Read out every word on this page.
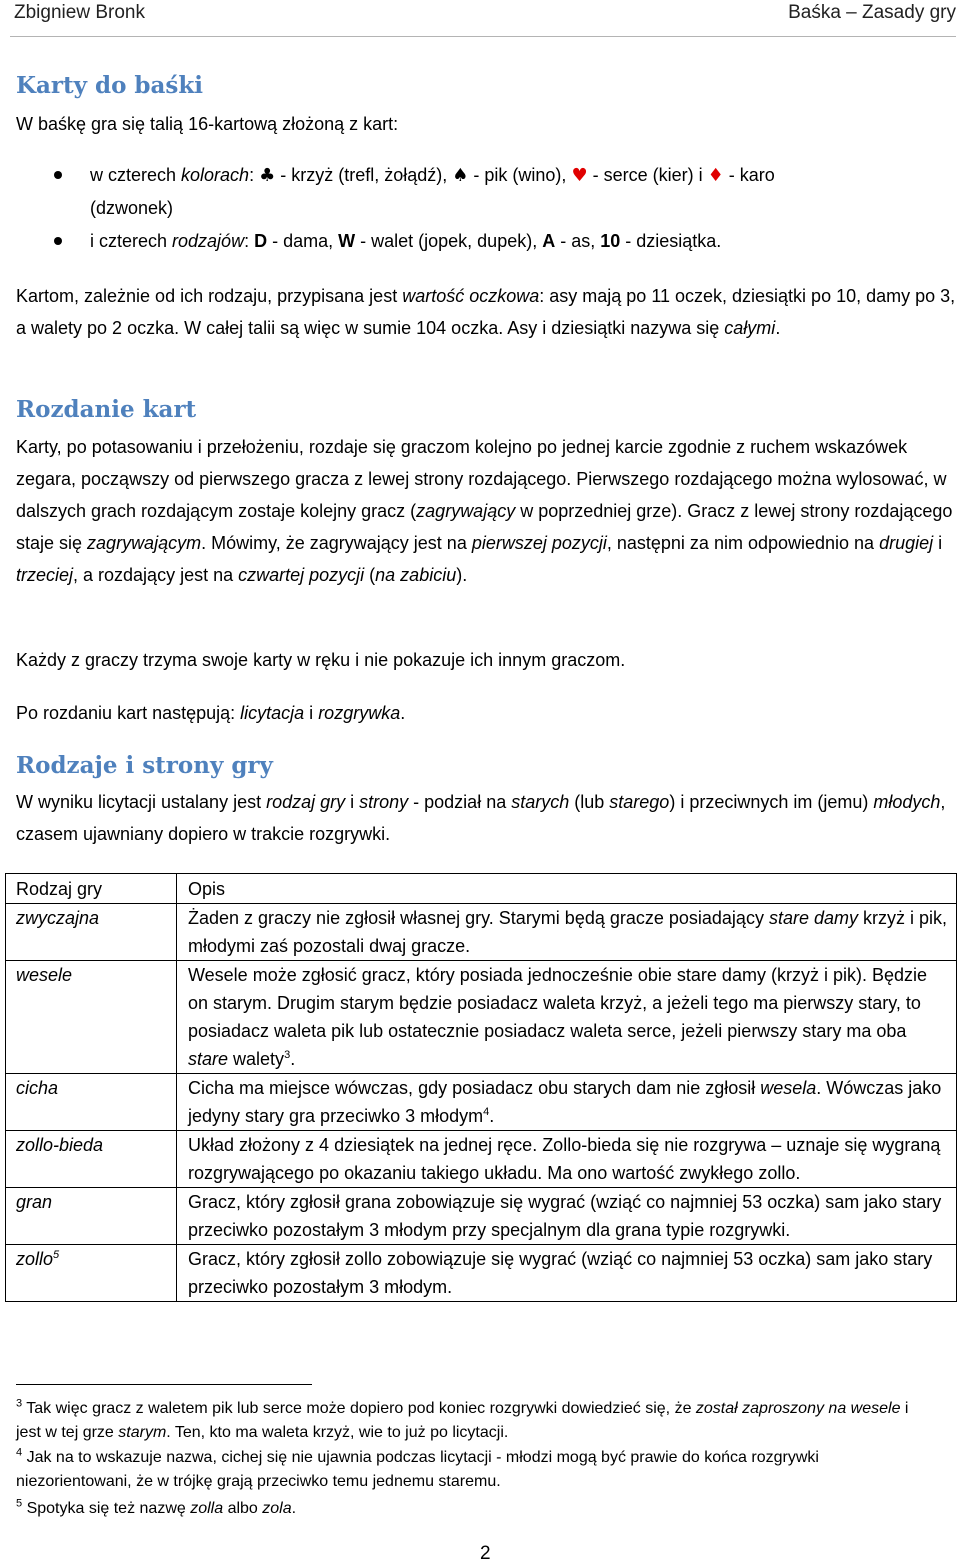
Zbigniew Bronk	Baśka – Zasady gry
Karty do baśki

W baśkę gra się talią 16-kartową złożoną z kart:

w czterech kolorach: ♣ - krzyż (trefl, żołądź), ♠ - pik (wino), ♥ - serce (kier) i ♦ - karo
(dzwonek)

i czterech rodzajów: D - dama, W - walet (jopek, dupek), A - as, 10 - dziesiątka.

Kartom, zależnie od ich rodzaju, przypisana jest wartość oczkowa: asy mają po 11 oczek, dziesiątki po 10, damy po 3, a walety po 2 oczka. W całej talii są więc w sumie 104 oczka. Asy i dziesiątki nazywa się całymi.

Rozdanie kart

Karty, po potasowaniu i przełożeniu, rozdaje się graczom kolejno po jednej karcie zgodnie z ruchem wskazówek zegara, począwszy od pierwszego gracza z lewej strony rozdającego. Pierwszego rozdającego można wylosować, w dalszych grach rozdającym zostaje kolejny gracz (zagrywający w poprzedniej grze). Gracz z lewej strony rozdającego staje się zagrywającym. Mówimy, że zagrywający jest na pierwszej pozycji, następni za nim odpowiednio na drugiej i trzeciej, a rozdający jest na czwartej pozycji (na zabiciu).

Każdy z graczy trzyma swoje karty w ręku i nie pokazuje ich innym graczom.

Po rozdaniu kart następują: licytacja i rozgrywka.

Rodzaje i strony gry

W wyniku licytacji ustalany jest rodzaj gry i strony - podział na starych (lub starego) i przeciwnych im (jemu) młodych, czasem ujawniany dopiero w trakcie rozgrywki.

Rodzaj gry	Opis
zwyczajna	Żaden z graczy nie zgłosił własnej gry. Starymi będą gracze posiadający stare damy krzyż i pik, młodymi zaś pozostali dwaj gracze.
wesele	Wesele może zgłosić gracz, który posiada jednocześnie obie stare damy (krzyż i pik). Będzie on starym. Drugim starym będzie posiadacz waleta krzyż, a jeżeli tego ma pierwszy stary, to posiadacz waleta pik lub ostatecznie posiadacz waleta serce, jeżeli pierwszy stary ma oba stare walety$^3$.
cicha	Cicha ma miejsce wówczas, gdy posiadacz obu starych dam nie zgłosił wesela. Wówczas jako jedyny stary gra przeciwko 3 młodym$^4$.
zollo-bieda	Układ złożony z 4 dziesiątek na jednej ręce. Zollo-bieda się nie rozgrywa – uznaje się wygraną rozgrywającego po okazaniu takiego układu. Ma ono wartość zwykłego zollo.
gran	Gracz, który zgłosił grana zobowiązuje się wygrać (wziąć co najmniej 53 oczka) sam jako stary przeciwko pozostałym 3 młodym przy specjalnym dla grana typie rozgrywki.
zollo$^5$	Gracz, który zgłosił zollo zobowiązuje się wygrać (wziąć co najmniej 53 oczka) sam jako stary przeciwko pozostałym 3 młodym.

$^3$ Tak więc gracz z waletem pik lub serce może dopiero pod koniec rozgrywki dowiedzieć się, że został zaproszony na wesele i jest w tej grze starym. Ten, kto ma waleta krzyż, wie to już po licytacji.

$^4$ Jak na to wskazuje nazwa, cichej się nie ujawnia podczas licytacji - młodzi mogą być prawie do końca rozgrywki niezorientowani, że w trójkę grają przeciwko temu jednemu staremu.

$^5$ Spotyka się też nazwę zolla albo zola.

2
